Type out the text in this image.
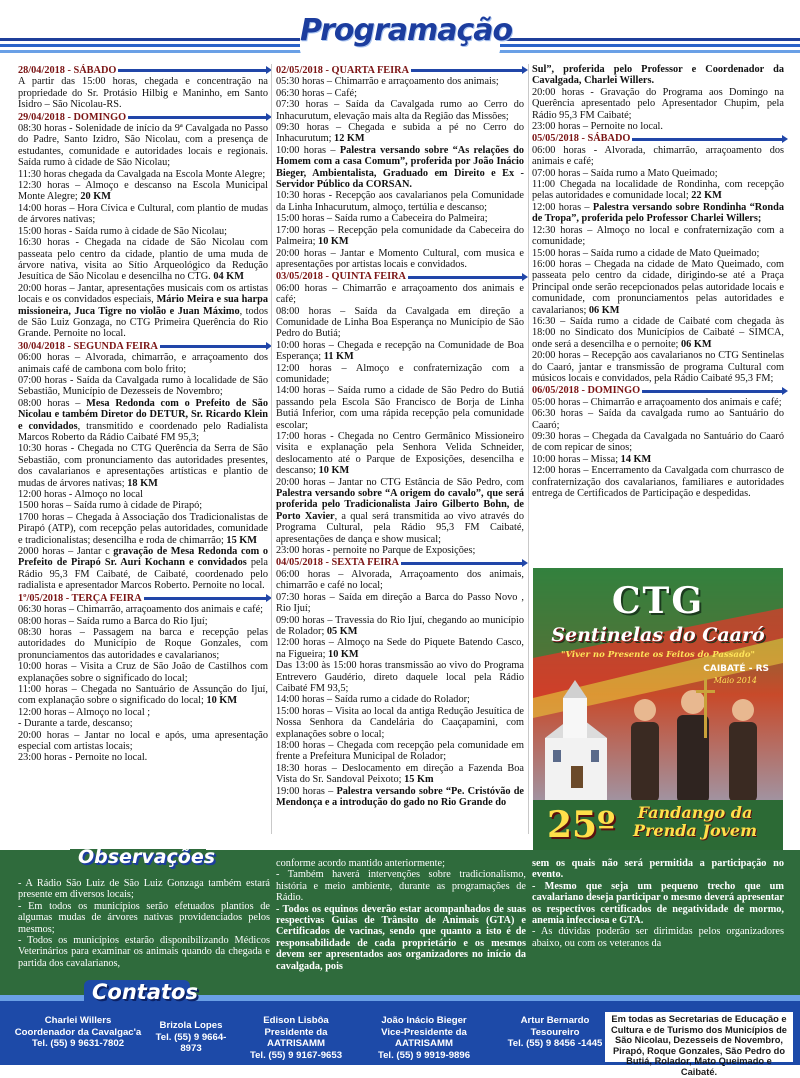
Programação
28/04/2018 - SÁBADO

A partir das 15:00 horas, chegada e concentração na propriedade do Sr. Protásio Hilbig e Maninho, em Santo Isidro – São Nicolau-RS.

29/04/2018 - DOMINGO

08:30 horas - Solenidade de início da 9ª Cavalgada no Passo do Padre, Santo Izidro, São Nicolau, com a presença de estudantes, comunidade e autoridades locais e regionais. Saída rumo à cidade de São Nicolau;

11:30 horas chegada da Cavalgada na Escola Monte Alegre;

12:30 horas – Almoço e descanso na Escola Municipal Monte Alegre; 20 KM

14:00 horas – Hora Cívica e Cultural, com plantio de mudas de árvores nativas;

15:00 horas - Saída rumo à cidade de São Nicolau;

16:30 horas - Chegada na cidade de São Nicolau com passeata pelo centro da cidade, plantio de uma muda de árvore nativa, visita ao Sítio Arqueológico da Redução Jesuítica de São Nicolau e desencilha no CTG. 04 KM

20:00 horas – Jantar, apresentações musicais com os artistas locais e os convidados especiais, Mário Meira e sua harpa missioneira, Juca Tigre no violão e Juan Máximo, todos de São Luiz Gonzaga, no CTG Primeira Querência do Rio Grande. Pernoite no local.

30/04/2018 - SEGUNDA FEIRA

06:00 horas – Alvorada, chimarrão, e arraçoamento dos animais café de cambona com bolo frito;

07:00 horas - Saída da Cavalgada rumo à localidade de São Sebastião, Município de Dezesseis de Novembro;

08:00 horas – Mesa Redonda com o Prefeito de São Nicolau e também Diretor do DETUR, Sr. Ricardo Klein e convidados, transmitido e coordenado pelo Radialista Marcos Roberto da Rádio Caibaté FM 95,3;

10:30 horas - Chegada no CTG Querência da Serra de São Sebastião, com pronunciamento das autoridades presentes, dos cavalarianos e apresentações artísticas e plantio de mudas de árvores nativas; 18 KM

12:00 horas - Almoço no local

1500 horas – Saída rumo à cidade de Pirapó;

1700 horas – Chegada à Associação dos Tradicionalistas de Pirapó (ATP), com recepção pelas autoridades, comunidade e tradicionalistas; desencilha e roda de chimarrão; 15 KM

2000 horas – Jantar c gravação de Mesa Redonda com o Prefeito de Pirapó Sr. Auri Kochann e convidados pela Rádio 95,3 FM Caibaté, de Caibaté, coordenado pelo radialista e apresentador Marcos Roberto. Pernoite no local.

1º/05/2018 - TERÇA FEIRA

06:30 horas – Chimarrão, arraçoamento dos animais e café;

08:00 horas – Saída rumo a Barca do Rio Ijuí;

08:30 horas – Passagem na barca e recepção pelas autoridades do Município de Roque Gonzales, com pronunciamentos das autoridades e cavalarianos;

10:00 horas – Visita a Cruz de São João de Castilhos com explanações sobre o significado do local;

11:00 horas – Chegada no Santuário de Assunção do Ijuí, com explanação sobre o significado do local; 10 KM

12:00 horas – Almoço no local ;

- Durante a tarde, descanso;

20:00 horas – Jantar no local e após, uma apresentação especial com artistas locais;

23:00 horas - Pernoite no local.

02/05/2018 - QUARTA FEIRA

05:30 horas – Chimarrão e arraçoamento dos animais;

06:30 horas – Café;

07:30 horas – Saída da Cavalgada rumo ao Cerro do Inhacurutum, elevação mais alta da Região das Missões;

09:30 horas – Chegada e subida a pé no Cerro do Inhacurutum; 12 KM

10:00 horas – Palestra versando sobre “As relações do Homem com a casa Comum”, proferida por João Inácio Bieger, Ambientalista, Graduado em Direito e Ex - Servidor Público da CORSAN.

10:30 horas - Recepção aos cavalarianos pela Comunidade da Linha Inhacurutum, almoço, tertúlia e descanso;

15:00 horas – Saída rumo a Cabeceira do Palmeira;

17:00 horas – Recepção pela comunidade da Cabeceira do Palmeira; 10 KM

20:00 horas – Jantar e Momento Cultural, com musica e apresentações por artistas locais e convidados.

03/05/2018 - QUINTA FEIRA

06:00 horas – Chimarrão e arraçoamento dos animais e café;

08:00 horas – Saída da Cavalgada em direção a Comunidade de Linha Boa Esperança no Município de São Pedro do Butiá;

10:00 horas – Chegada e recepção na Comunidade de Boa Esperança; 11 KM

12:00 horas – Almoço e confraternização com a comunidade;

14:00 horas – Saída rumo a cidade de São Pedro do Butiá passando pela Escola São Francisco de Borja de Linha Butiá Inferior, com uma rápida recepção pela comunidade escolar;

17:00 horas - Chegada no Centro Germânico Missioneiro visita e explanação pela Senhora Velida Schneider, deslocamento até o Parque de Exposições, desencilha e descanso; 10 KM

20:00 horas – Jantar no CTG Estância de São Pedro, com Palestra versando sobre “A origem do cavalo”, que será proferida pelo Tradicionalista Jairo Gilberto Bohn, de Porto Xavier, a qual será transmitida ao vivo através do Programa Cultural, pela Rádio 95,3 FM Caibaté, apresentações de dança e show musical;

23:00 horas - pernoite no Parque de Exposições;

04/05/2018 - SEXTA FEIRA

06:00 horas – Alvorada, Arraçoamento dos animais, chimarrão e café no local;

07:30 horas – Saída em direção a Barca do Passo Novo , Rio Ijuí;

09:00 horas – Travessia do Rio Ijuí, chegando ao município de Rolador; 05 KM

12:00 horas – Almoço na Sede do Piquete Batendo Casco, na Figueira; 10 KM

Das 13:00 às 15:00 horas transmissão ao vivo do Programa Entrevero Gaudério, direto daquele local pela Rádio Caibaté FM 93,5;

14:00 horas – Saída rumo a cidade do Rolador;

15:00 horas – Visita ao local da antiga Redução Jesuítica de Nossa Senhora da Candelária do Caaçapamini, com explanações sobre o local;

18:00 horas – Chegada com recepção pela comunidade em frente a Prefeitura Municipal de Rolador;

18:30 horas – Deslocamento em direção a Fazenda Boa Vista do Sr. Sandoval Peixoto; 15 Km

19:00 horas – Palestra versando sobre “Pe. Cristóvão de Mendonça e a introdução do gado no Rio Grande do

Sul”, proferida pelo Professor e Coordenador da Cavalgada, Charlei Willers.

20:00 horas - Gravação do Programa aos Domingo na Querência apresentado pelo Apresentador Chupim, pela Rádio 95,3 FM Caibaté;

23:00 horas – Pernoite no local.

05/05/2018 - SÁBADO

06:00 horas - Alvorada, chimarrão, arraçoamento dos animais e café;

07:00 horas – Saída rumo a Mato Queimado;

11:00 Chegada na localidade de Rondinha, com recepção pelas autoridades e comunidade local; 22 KM

12:00 horas – Palestra versando sobre Rondinha “Ronda de Tropa”, proferida pelo Professor Charlei Willers;

12:30 horas – Almoço no local e confraternização com a comunidade;

15:00 horas – Saída rumo a cidade de Mato Queimado;

16:00 horas – Chegada na cidade de Mato Queimado, com passeata pelo centro da cidade, dirigindo-se até a Praça Principal onde serão recepcionados pelas autoridade locais e comunidade, com pronunciamentos pelas autoridades e cavalarianos; 06 KM

16:30 – Saída rumo a cidade de Caibaté com chegada às 18:00 no Sindicato dos Municípios de Caibaté – SIMCA, onde será a desencilha e o pernoite; 06 KM

20:00 horas – Recepção aos cavalarianos no CTG Sentinelas do Caaró, jantar e transmissão de programa Cultural com músicos locais e convidados, pela Rádio Caibaté 95,3 FM;

06/05/2018 - DOMINGO

05:00 horas – Chimarrão e arraçoamento dos animais e café;

06:30 horas – Saída da cavalgada rumo ao Santuário do Caaró;

09:30 horas – Chegada da Cavalgada no Santuário do Caaró de com repicar de sinos;

10:00 horas – Missa; 14 KM

12:00 horas – Encerramento da Cavalgada com churrasco de confraternização dos cavalarianos, familiares e autoridades entrega de Certificados de Participação e despedidas.

CTG
Sentinelas do Caaró
"Viver no Presente os Feitos do Passado"
CAIBATÉ - RS
Maio 2014
25º	Fandango da Prenda Jovem
Observações

- A Rádio São Luiz de São Luiz Gonzaga também estará presente em diversos locais;

- Em todos os municípios serão efetuados plantios de algumas mudas de árvores nativas providenciados pelos mesmos;

- Todos os municípios estarão disponibilizando Médicos Veterinários para examinar os animais quando da chegada e partida dos cavalarianos,

conforme acordo mantido anteriormente;

- Também haverá intervenções sobre tradicionalismo, história e meio ambiente, durante as programações de Rádio.

- Todos os equinos deverão estar acompanhados de suas respectivas Guias de Trânsito de Animais (GTA) e Certificados de vacinas, sendo que quanto a isto é de responsabilidade de cada proprietário e os mesmos devem ser apresentados aos organizadores no início da cavalgada, pois

sem os quais não será permitida a participação no evento.

- Mesmo que seja um pequeno trecho que um cavalariano deseja participar o mesmo deverá apresentar os respectivos certificados de negatividade de mormo, anemia infecciosa e GTA.

- As dúvidas poderão ser dirimidas pelos organizadores abaixo, ou com os veteranos da

Contatos
Charlei Willers
Coordenador da Cavalgac'a
Tel. (55) 9 9631-7802
Brizola Lopes
Tel. (55) 9 9664-8973
Edison Lisbôa
Presidente da AATRISAMM
Tel. (55) 9 9167-9653
João Inácio Bieger
Vice-Presidente da AATRISAMM
Tel. (55) 9 9919-9896
Artur Bernardo
Tesoureiro
Tel. (55) 9 8456 -1445
Em todas as Secretarias de Educação e Cultura e de Turismo dos Municípios de São Nicolau, Dezesseis de Novembro, Pirapó, Roque Gonzales, São Pedro do Butiá, Rolador, Mato Queimado e Caibaté.
